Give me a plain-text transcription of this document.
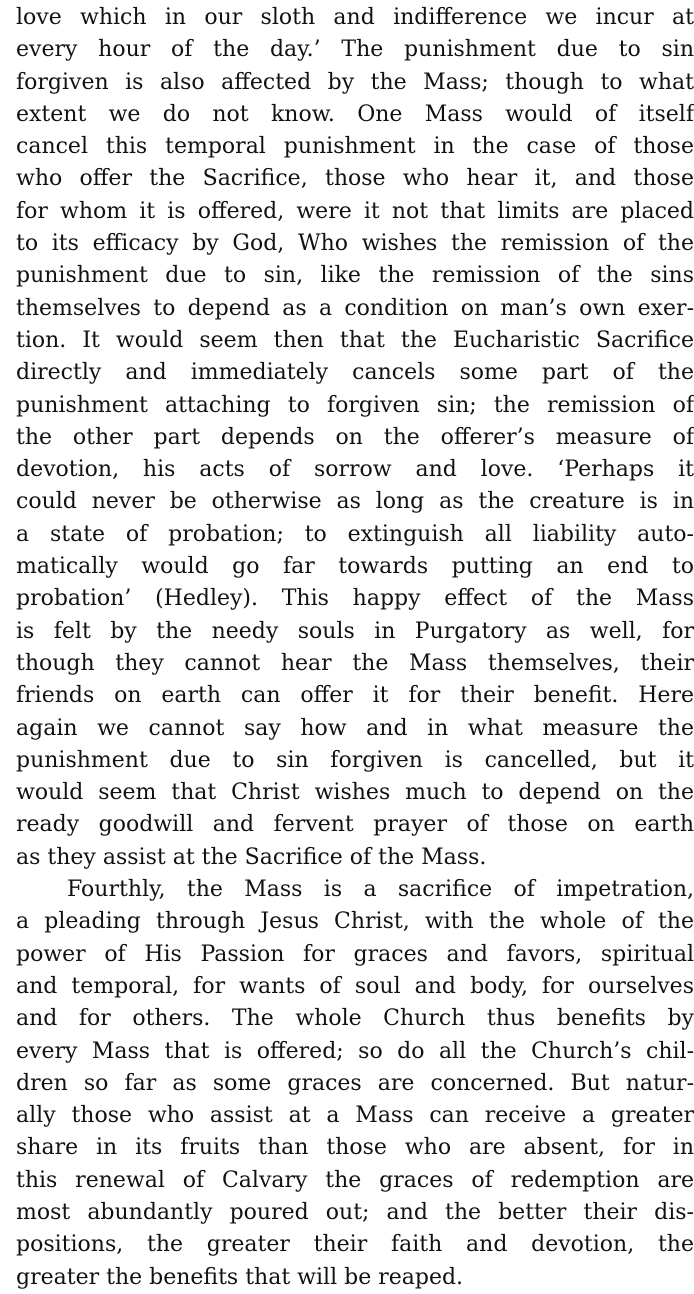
love which in our sloth and indifference we incur at
every hour of the day.’ The punishment due to sin
forgiven is also affected by the Mass; though to what
extent we do not know. One Mass would of itself
cancel this temporal punishment in the case of those
who offer the Sacrifice, those who hear it, and those
for whom it is offered, were it not that limits are placed
to its efficacy by God, Who wishes the remission of the
punishment due to sin, like the remission of the sins
themselves to depend as a condition on man’s own exer-
tion. It would seem then that the Eucharistic Sacrifice
directly and immediately cancels some part of the
punishment attaching to forgiven sin; the remission of
the other part depends on the offerer’s measure of
devotion, his acts of sorrow and love. ‘Perhaps it
could never be otherwise as long as the creature is in
a state of probation; to extinguish all liability auto-
matically would go far towards putting an end to
probation’ (Hedley). This happy effect of the Mass
is felt by the needy souls in Purgatory as well, for
though they cannot hear the Mass themselves, their
friends on earth can offer it for their benefit. Here
again we cannot say how and in what measure the
punishment due to sin forgiven is cancelled, but it
would seem that Christ wishes much to depend on the
ready goodwill and fervent prayer of those on earth
as they assist at the Sacrifice of the Mass.
Fourthly, the Mass is a sacrifice of impetration,
a pleading through Jesus Christ, with the whole of the
power of His Passion for graces and favors, spiritual
and temporal, for wants of soul and body, for ourselves
and for others. The whole Church thus benefits by
every Mass that is offered; so do all the Church’s chil-
dren so far as some graces are concerned. But natur-
ally those who assist at a Mass can receive a greater
share in its fruits than those who are absent, for in
this renewal of Calvary the graces of redemption are
most abundantly poured out; and the better their dis-
positions, the greater their faith and devotion, the
greater the benefits that will be reaped.
